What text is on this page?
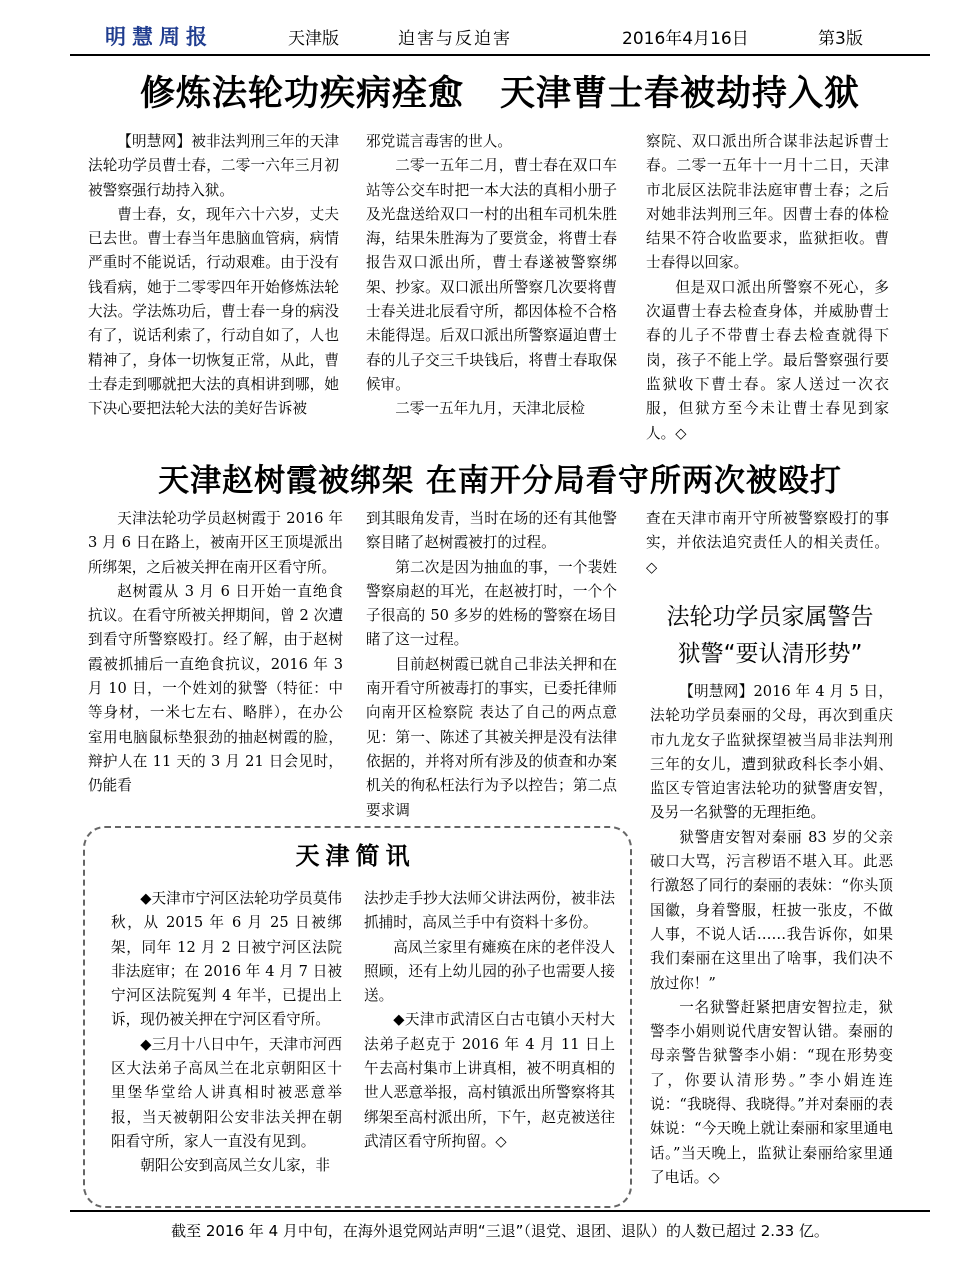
明慧周报	天津版	迫害与反迫害	2016年4月16日	第3版
修炼法轮功疾病痊愈　天津曹士春被劫持入狱

【明慧网】被非法判刑三年的天津法轮功学员曹士春，二零一六年三月初被警察强行劫持入狱。

曹士春，女，现年六十六岁，丈夫已去世。曹士春当年患脑血管病，病情严重时不能说话，行动艰难。由于没有钱看病，她于二零零四年开始修炼法轮大法。学法炼功后，曹士春一身的病没有了，说话利索了，行动自如了，人也精神了，身体一切恢复正常，从此，曹士春走到哪就把大法的真相讲到哪，她下决心要把法轮大法的美好告诉被

邪党谎言毒害的世人。

二零一五年二月，曹士春在双口车站等公交车时把一本大法的真相小册子及光盘送给双口一村的出租车司机朱胜海，结果朱胜海为了要赏金，将曹士春报告双口派出所，曹士春遂被警察绑架、抄家。双口派出所警察几次要将曹士春关进北辰看守所，都因体检不合格未能得逞。后双口派出所警察逼迫曹士春的儿子交三千块钱后，将曹士春取保候审。

二零一五年九月，天津北辰检

察院、双口派出所合谋非法起诉曹士春。二零一五年十一月十二日，天津市北辰区法院非法庭审曹士春；之后对她非法判刑三年。因曹士春的体检结果不符合收监要求，监狱拒收。曹士春得以回家。

但是双口派出所警察不死心，多次逼曹士春去检查身体，并威胁曹士春的儿子不带曹士春去检查就得下岗，孩子不能上学。最后警察强行要监狱收下曹士春。家人送过一次衣服，但狱方至今未让曹士春见到家人。◇

天津赵树霞被绑架 在南开分局看守所两次被殴打

天津法轮功学员赵树霞于 2016 年 3 月 6 日在路上，被南开区王顶堤派出所绑架，之后被关押在南开区看守所。

赵树霞从 3 月 6 日开始一直绝食抗议。在看守所被关押期间，曾 2 次遭到看守所警察殴打。经了解，由于赵树霞被抓捕后一直绝食抗议，2016 年 3 月 10 日，一个姓刘的狱警（特征：中等身材，一米七左右、略胖），在办公室用电脑鼠标垫狠劲的抽赵树霞的脸，辩护人在 11 天的 3 月 21 日会见时，仍能看

到其眼角发青，当时在场的还有其他警察目睹了赵树霞被打的过程。

第二次是因为抽血的事，一个裴姓警察扇赵的耳光，在赵被打时，一个个子很高的 50 多岁的姓杨的警察在场目睹了这一过程。

目前赵树霞已就自己非法关押和在南开看守所被毒打的事实，已委托律师向南开区检察院 表达了自己的两点意见：第一、陈述了其被关押是没有法律依据的，并将对所有涉及的侦查和办案机关的徇私枉法行为予以控告；第二点要求调

查在天津市南开守所被警察殴打的事实，并依法追究责任人的相关责任。◇

法轮功学员家属警告
狱警“要认清形势”

【明慧网】2016 年 4 月 5 日，法轮功学员秦丽的父母，再次到重庆市九龙女子监狱探望被当局非法判刑三年的女儿，遭到狱政科长李小娟、监区专管迫害法轮功的狱警唐安智，及另一名狱警的无理拒绝。

狱警唐安智对秦丽 83 岁的父亲破口大骂，污言秽语不堪入耳。此恶行激怒了同行的秦丽的表妹：“你头顶国徽，身着警服，枉披一张皮，不做人事，不说人话……我告诉你，如果我们秦丽在这里出了啥事，我们决不放过你！”

一名狱警赶紧把唐安智拉走，狱警李小娟则说代唐安智认错。秦丽的母亲警告狱警李小娟：“现在形势变了，你要认清形势。”李小娟连连说：“我晓得、我晓得。”并对秦丽的表妹说：“今天晚上就让秦丽和家里通电话。”当天晚上，监狱让秦丽给家里通了电话。◇

天津简讯

◆天津市宁河区法轮功学员莫伟秋，从 2015 年 6 月 25 日被绑架，同年 12 月 2 日被宁河区法院非法庭审；在 2016 年 4 月 7 日被宁河区法院冤判 4 年半，已提出上诉，现仍被关押在宁河区看守所。

◆三月十八日中午，天津市河西区大法弟子高凤兰在北京朝阳区十里堡华堂给人讲真相时被恶意举报，当天被朝阳公安非法关押在朝阳看守所，家人一直没有见到。

朝阳公安到高凤兰女儿家，非

法抄走手抄大法师父讲法两份，被非法抓捕时，高凤兰手中有资料十多份。

高凤兰家里有瘫痪在床的老伴没人照顾，还有上幼儿园的孙子也需要人接送。

◆天津市武清区白古屯镇小天村大法弟子赵克于 2016 年 4 月 11 日上午去高村集市上讲真相，被不明真相的世人恶意举报，高村镇派出所警察将其绑架至高村派出所，下午，赵克被送往武清区看守所拘留。◇

截至 2016 年 4 月中旬，在海外退党网站声明“三退”（退党、退团、退队）的人数已超过 2.33 亿。
